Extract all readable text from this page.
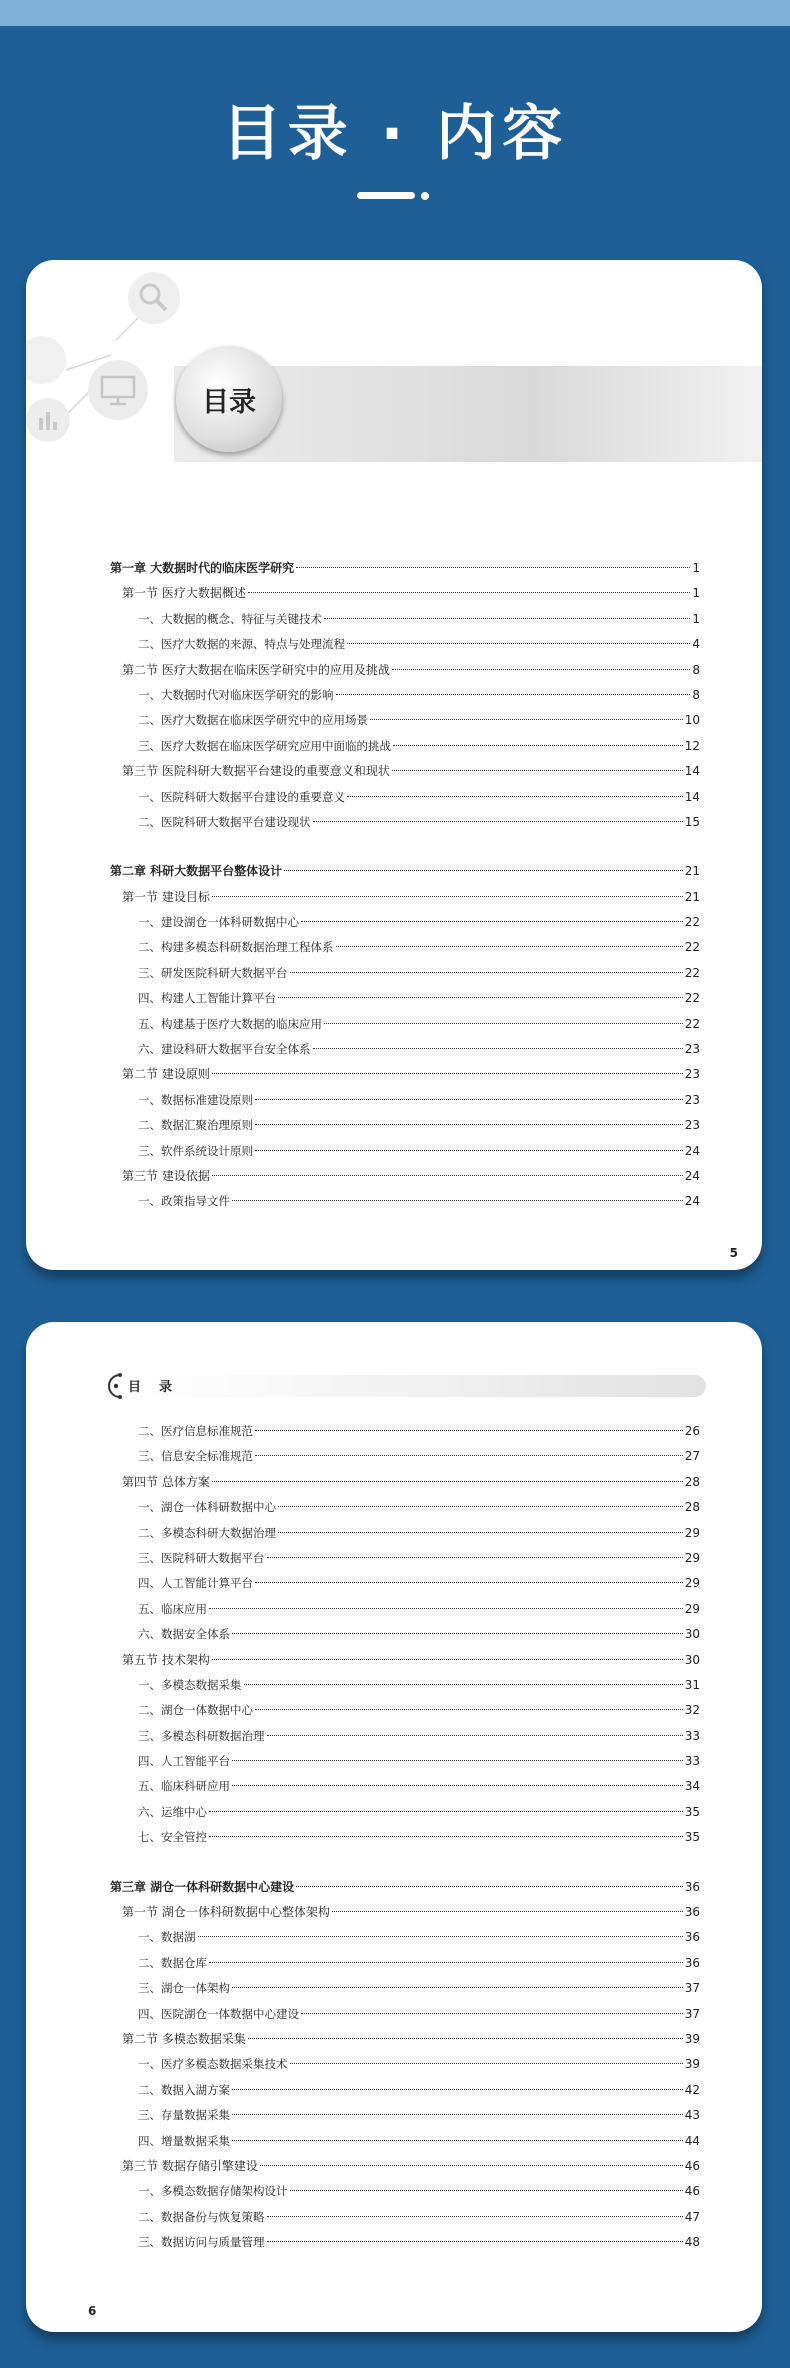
目录 · 内容
目录
第一章 大数据时代的临床医学研究	1
第一节 医疗大数据概述	1
一、大数据的概念、特征与关键技术	1
二、医疗大数据的来源、特点与处理流程	4
第二节 医疗大数据在临床医学研究中的应用及挑战	8
一、大数据时代对临床医学研究的影响	8
二、医疗大数据在临床医学研究中的应用场景	10
三、医疗大数据在临床医学研究应用中面临的挑战	12
第三节 医院科研大数据平台建设的重要意义和现状	14
一、医院科研大数据平台建设的重要意义	14
二、医院科研大数据平台建设现状	15
第二章 科研大数据平台整体设计	21
第一节 建设目标	21
一、建设湖仓一体科研数据中心	22
二、构建多模态科研数据治理工程体系	22
三、研发医院科研大数据平台	22
四、构建人工智能计算平台	22
五、构建基于医疗大数据的临床应用	22
六、建设科研大数据平台安全体系	23
第二节 建设原则	23
一、数据标准建设原则	23
二、数据汇聚治理原则	23
三、软件系统设计原则	24
第三节 建设依据	24
一、政策指导文件	24
5
目录
二、医疗信息标准规范	26
三、信息安全标准规范	27
第四节 总体方案	28
一、湖仓一体科研数据中心	28
二、多模态科研大数据治理	29
三、医院科研大数据平台	29
四、人工智能计算平台	29
五、临床应用	29
六、数据安全体系	30
第五节 技术架构	30
一、多模态数据采集	31
二、湖仓一体数据中心	32
三、多模态科研数据治理	33
四、人工智能平台	33
五、临床科研应用	34
六、运维中心	35
七、安全管控	35
第三章 湖仓一体科研数据中心建设	36
第一节 湖仓一体科研数据中心整体架构	36
一、数据湖	36
二、数据仓库	36
三、湖仓一体架构	37
四、医院湖仓一体数据中心建设	37
第二节 多模态数据采集	39
一、医疗多模态数据采集技术	39
二、数据入湖方案	42
三、存量数据采集	43
四、增量数据采集	44
第三节 数据存储引擎建设	46
一、多模态数据存储架构设计	46
二、数据备份与恢复策略	47
三、数据访问与质量管理	48
6
